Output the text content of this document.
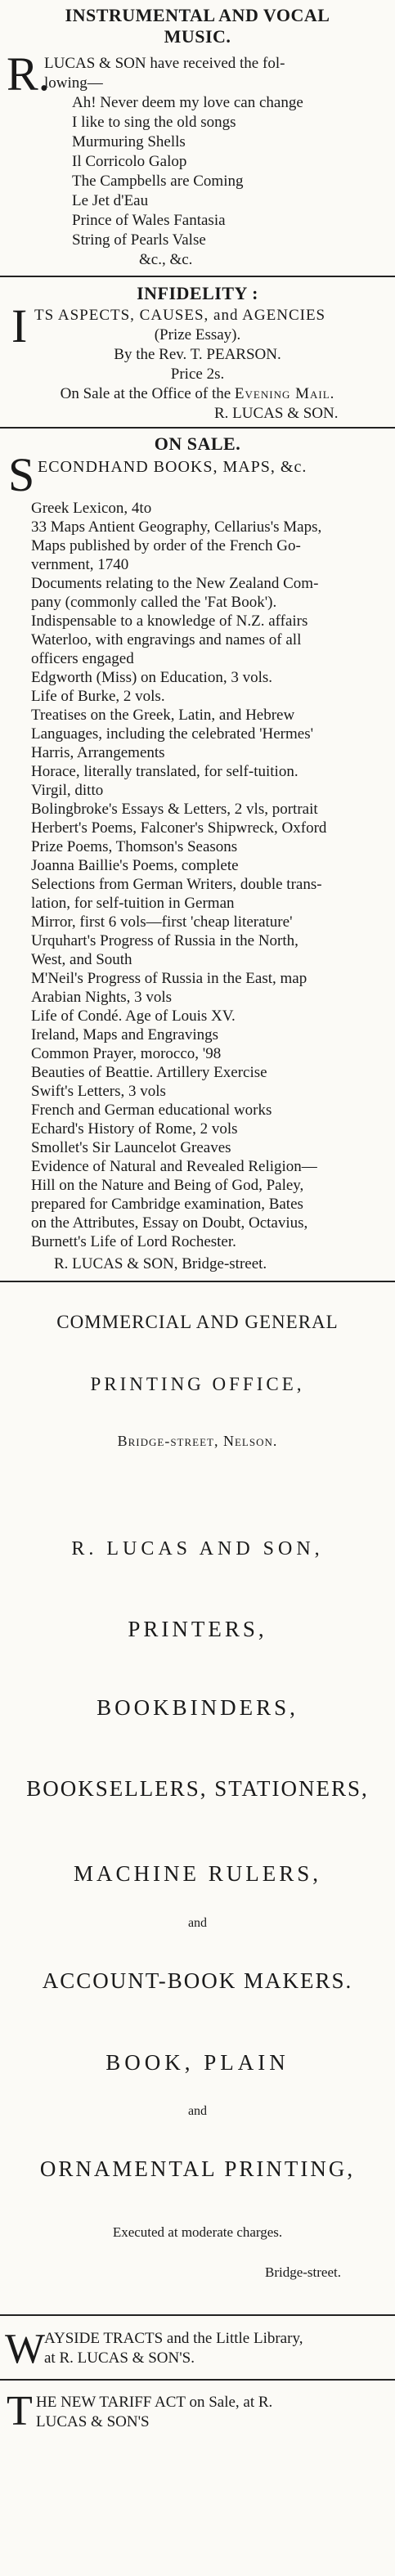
INSTRUMENTAL AND VOCAL
MUSIC.
R.
LUCAS & SON have received the fol-
lowing—
Ah! Never deem my love can change
I like to sing the old songs
Murmuring Shells
Il Corricolo Galop
The Campbells are Coming
Le Jet d'Eau
Prince of Wales Fantasia
String of Pearls Valse
&c., &c.
INFIDELITY :
I TS ASPECTS, CAUSES, and AGENCIES
(Prize Essay).
By the Rev. T. PEARSON.
Price 2s.
On Sale at the Office of the Evening Mail.
R. LUCAS & SON.
ON SALE.
S ECONDHAND BOOKS, MAPS, &c.
Greek Lexicon, 4to
33 Maps Antient Geography, Cellarius's Maps,
Maps published by order of the French Go-
vernment, 1740
Documents relating to the New Zealand Com-
pany (commonly called the 'Fat Book').
Indispensable to a knowledge of N.Z. affairs
Waterloo, with engravings and names of all
officers engaged
Edgworth (Miss) on Education, 3 vols.
Life of Burke, 2 vols.
Treatises on the Greek, Latin, and Hebrew
Languages, including the celebrated 'Hermes'
Harris, Arrangements
Horace, literally translated, for self-tuition.
Virgil, ditto
Bolingbroke's Essays & Letters, 2 vls, portrait
Herbert's Poems, Falconer's Shipwreck, Oxford
Prize Poems, Thomson's Seasons
Joanna Baillie's Poems, complete
Selections from German Writers, double trans-
lation, for self-tuition in German
Mirror, first 6 vols—first 'cheap literature'
Urquhart's Progress of Russia in the North,
West, and South
M'Neil's Progress of Russia in the East, map
Arabian Nights, 3 vols
Life of Condé. Age of Louis XV.
Ireland, Maps and Engravings
Common Prayer, morocco, '98
Beauties of Beattie. Artillery Exercise
Swift's Letters, 3 vols
French and German educational works
Echard's History of Rome, 2 vols
Smollet's Sir Launcelot Greaves
Evidence of Natural and Revealed Religion—
Hill on the Nature and Being of God, Paley,
prepared for Cambridge examination, Bates
on the Attributes, Essay on Doubt, Octavius,
Burnett's Life of Lord Rochester.
R. LUCAS & SON, Bridge-street.
COMMERCIAL AND GENERAL
PRINTING OFFICE,
Bridge-street, Nelson.
R. LUCAS AND SON,
PRINTERS,
BOOKBINDERS,
BOOKSELLERS, STATIONERS,
MACHINE RULERS,
and
ACCOUNT-BOOK MAKERS.
BOOK, PLAIN
and
ORNAMENTAL PRINTING,
Executed at moderate charges.
Bridge-street.
W
AYSIDE TRACTS and the Little Library,
at R. LUCAS & SON'S.
T HE NEW TARIFF ACT on Sale, at R.
LUCAS & SON'S
